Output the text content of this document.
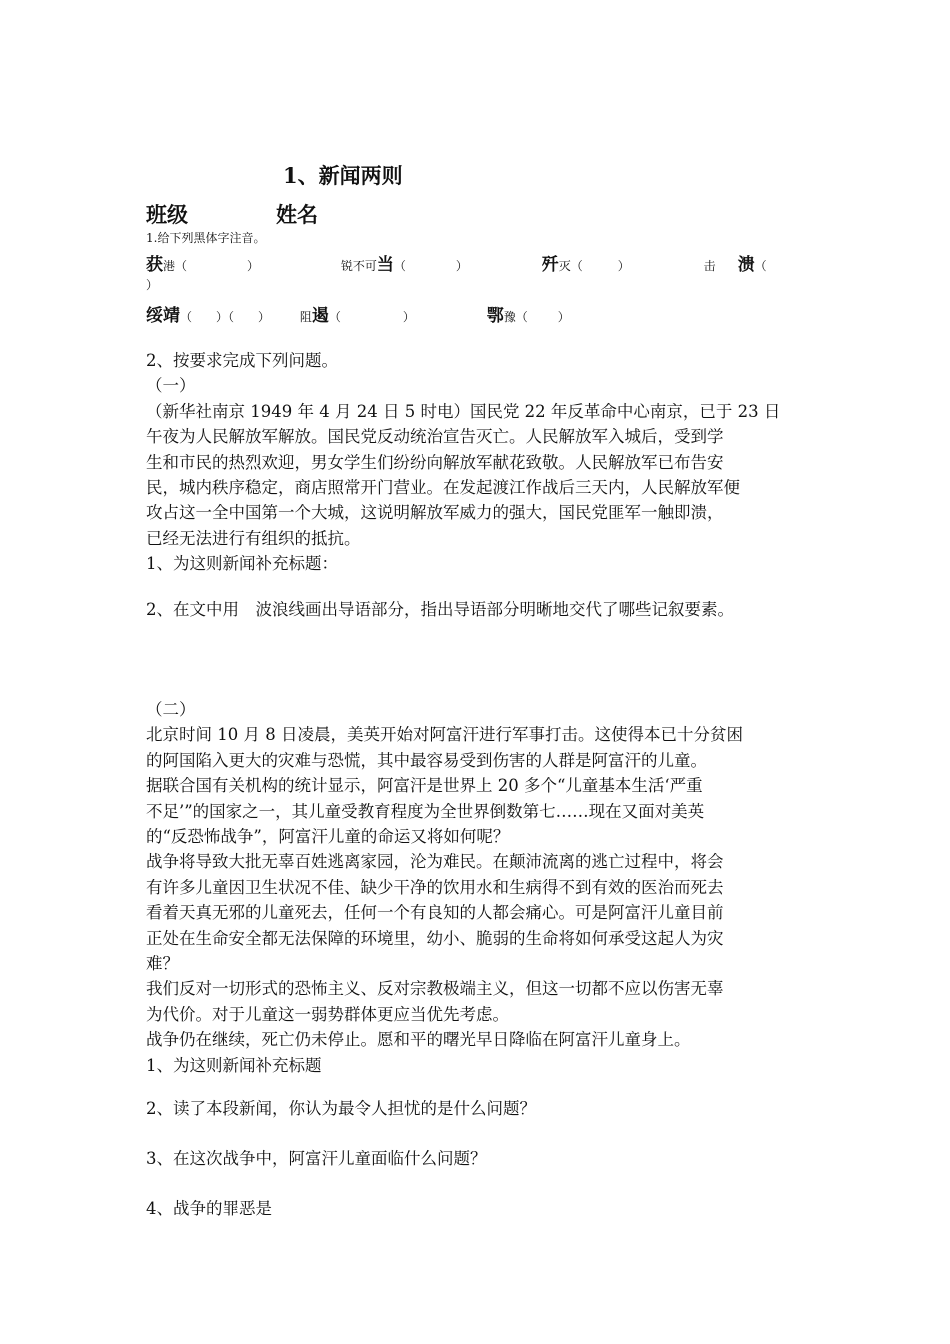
1、新闻两则
班级	姓名
1.给下列黑体字注音。
获港（	）	锐不可当（	）	歼灭（	）	击 溃（
）
绥靖（　　）（　　） 阻遏（	）	鄂豫（	）
2、按要求完成下列问题。
（一）
（新华社南京 1949 年 4 月 24 日 5 时电）国民党 22 年反革命中心南京，已于 23 日
午夜为人民解放军解放。国民党反动统治宣告灭亡。人民解放军入城后，受到学
生和市民的热烈欢迎，男女学生们纷纷向解放军献花致敬。人民解放军已布告安
民，城内秩序稳定，商店照常开门营业。在发起渡江作战后三天内，人民解放军便
攻占这一全中国第一个大城，这说明解放军威力的强大，国民党匪军一触即溃，
已经无法进行有组织的抵抗。
1、为这则新闻补充标题：
2、在文中用　波浪线画出导语部分，指出导语部分明晰地交代了哪些记叙要素。
（二）
北京时间 10 月 8 日凌晨，美英开始对阿富汗进行军事打击。这使得本已十分贫困
的阿国陷入更大的灾难与恐慌，其中最容易受到伤害的人群是阿富汗的儿童。
据联合国有关机构的统计显示，阿富汗是世界上 20 多个“儿童基本生活‘严重
不足’”的国家之一，其儿童受教育程度为全世界倒数第七……现在又面对美英
的“反恐怖战争”，阿富汗儿童的命运又将如何呢？
战争将导致大批无辜百姓逃离家园，沦为难民。在颠沛流离的逃亡过程中，将会
有许多儿童因卫生状况不佳、缺少干净的饮用水和生病得不到有效的医治而死去
看着天真无邪的儿童死去，任何一个有良知的人都会痛心。可是阿富汗儿童目前
正处在生命安全都无法保障的环境里，幼小、脆弱的生命将如何承受这起人为灾
难？
我们反对一切形式的恐怖主义、反对宗教极端主义，但这一切都不应以伤害无辜
为代价。对于儿童这一弱势群体更应当优先考虑。
战争仍在继续，死亡仍未停止。愿和平的曙光早日降临在阿富汗儿童身上。
1、为这则新闻补充标题
2、读了本段新闻，你认为最令人担忧的是什么问题？
3、在这次战争中，阿富汗儿童面临什么问题？
4、战争的罪恶是
